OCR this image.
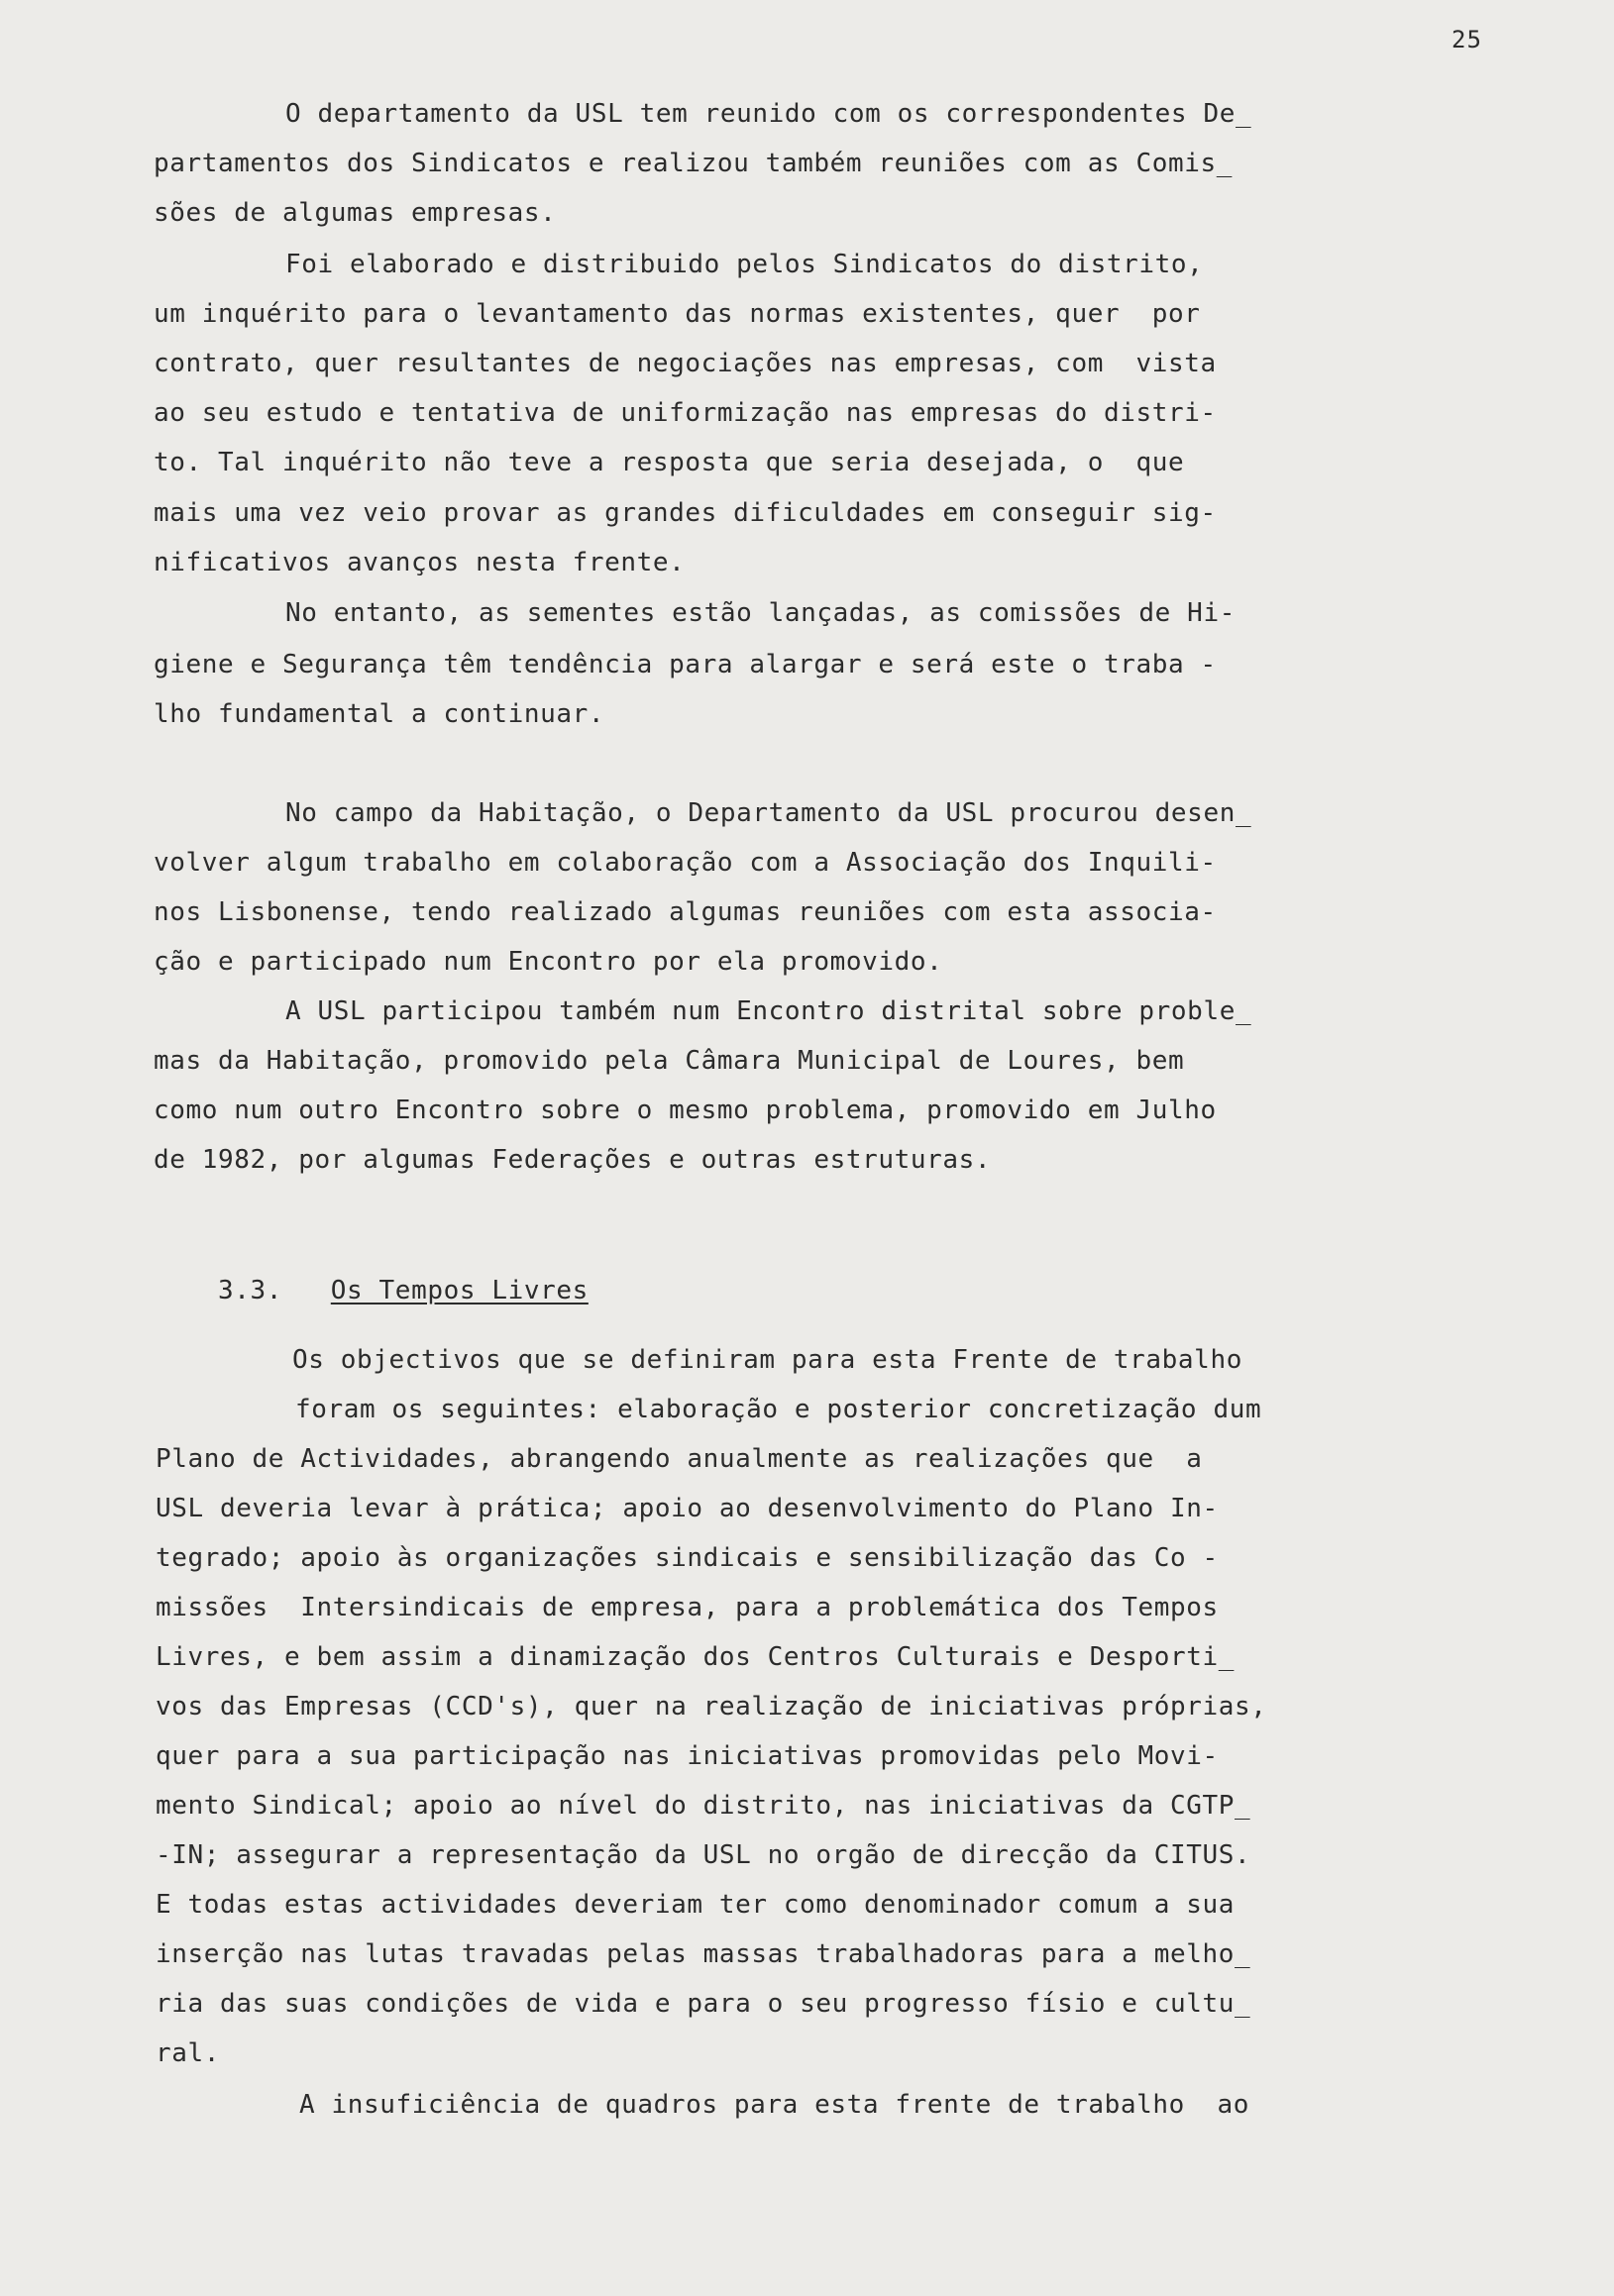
25
O departamento da USL tem reunido com os correspondentes De_
partamentos dos Sindicatos e realizou também reuniões com as Comis_
sões de algumas empresas.
Foi elaborado e distribuido pelos Sindicatos do distrito,
um inquérito para o levantamento das normas existentes, quer  por
contrato, quer resultantes de negociações nas empresas, com  vista
ao seu estudo e tentativa de uniformização nas empresas do distri-
to. Tal inquérito não teve a resposta que seria desejada, o  que
mais uma vez veio provar as grandes dificuldades em conseguir sig-
nificativos avanços nesta frente.
No entanto, as sementes estão lançadas, as comissões de Hi-
giene e Segurança têm tendência para alargar e será este o traba -
lho fundamental a continuar.
No campo da Habitação, o Departamento da USL procurou desen_
volver algum trabalho em colaboração com a Associação dos Inquili-
nos Lisbonense, tendo realizado algumas reuniões com esta associa-
ção e participado num Encontro por ela promovido.
A USL participou também num Encontro distrital sobre proble_
mas da Habitação, promovido pela Câmara Municipal de Loures, bem
como num outro Encontro sobre o mesmo problema, promovido em Julho
de 1982, por algumas Federações e outras estruturas.

3.3. Os Tempos Livres

Os objectivos que se definiram para esta Frente de trabalho
foram os seguintes: elaboração e posterior concretização dum
Plano de Actividades, abrangendo anualmente as realizações que  a
USL deveria levar à prática; apoio ao desenvolvimento do Plano In-
tegrado; apoio às organizações sindicais e sensibilização das Co -
missões  Intersindicais de empresa, para a problemática dos Tempos
Livres, e bem assim a dinamização dos Centros Culturais e Desporti_
vos das Empresas (CCD's), quer na realização de iniciativas próprias,
quer para a sua participação nas iniciativas promovidas pelo Movi-
mento Sindical; apoio ao nível do distrito, nas iniciativas da CGTP_
-IN; assegurar a representação da USL no orgão de direcção da CITUS.
E todas estas actividades deveriam ter como denominador comum a sua
inserção nas lutas travadas pelas massas trabalhadoras para a melho_
ria das suas condições de vida e para o seu progresso físio e cultu_
ral.
A insuficiência de quadros para esta frente de trabalho  ao
